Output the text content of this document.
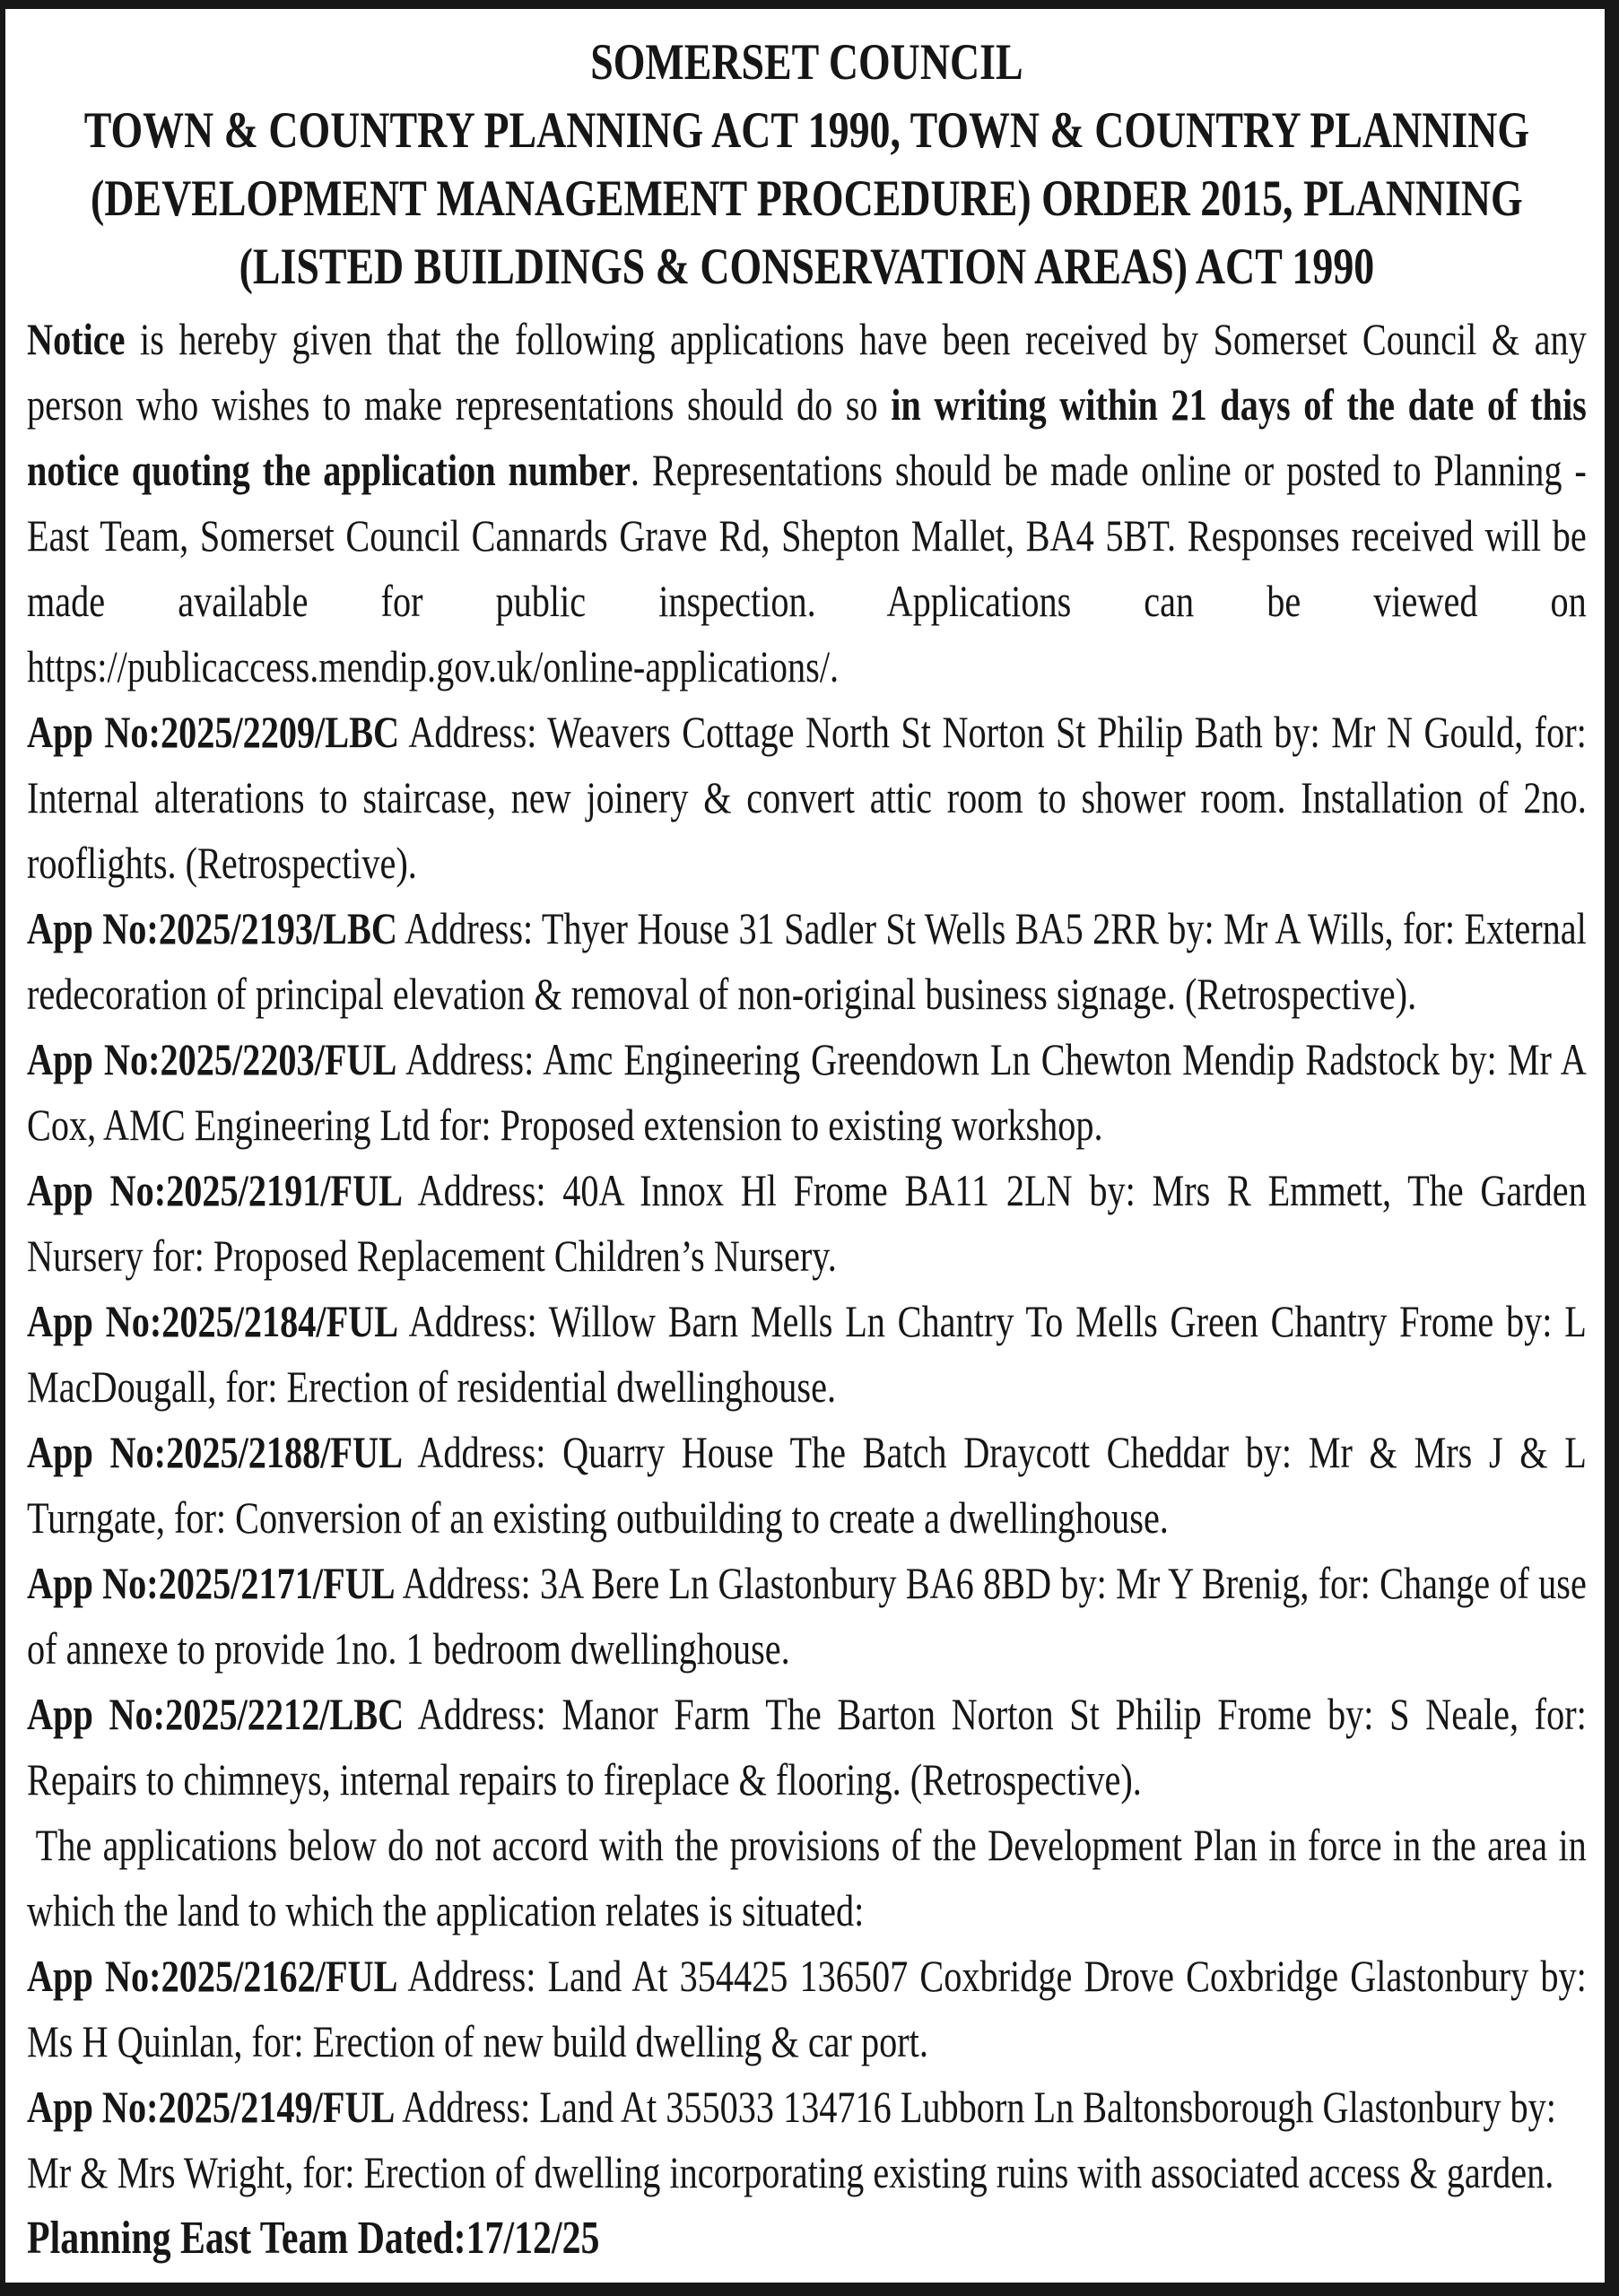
SOMERSET COUNCIL
TOWN & COUNTRY PLANNING ACT 1990, TOWN & COUNTRY PLANNING
(DEVELOPMENT MANAGEMENT PROCEDURE) ORDER 2015, PLANNING
(LISTED BUILDINGS & CONSERVATION AREAS) ACT 1990

Notice is hereby given that the following applications have been received by Somerset Council & any person who wishes to make representations should do so in writing within 21 days of the date of this notice quoting the application number. Representations should be made online or posted to Planning - East Team, Somerset Council Cannards Grave Rd, Shepton Mallet, BA4 5BT. Responses received will be made available for public inspection. Applications can be viewed on https://publicaccess.mendip.gov.uk/online-applications/.

App No:2025/2209/LBC Address: Weavers Cottage North St Norton St Philip Bath by: Mr N Gould, for: Internal alterations to staircase, new joinery & convert attic room to shower room. Installation of 2no. rooflights. (Retrospective).

App No:2025/2193/LBC Address: Thyer House 31 Sadler St Wells BA5 2RR by: Mr A Wills, for: External redecoration of principal elevation & removal of non-original business signage. (Retrospective).

App No:2025/2203/FUL Address: Amc Engineering Greendown Ln Chewton Mendip Radstock by: Mr A Cox, AMC Engineering Ltd for: Proposed extension to existing workshop.

App No:2025/2191/FUL Address: 40A Innox Hl Frome BA11 2LN by: Mrs R Emmett, The Garden Nursery for: Proposed Replacement Children’s Nursery.

App No:2025/2184/FUL Address: Willow Barn Mells Ln Chantry To Mells Green Chantry Frome by: L MacDougall, for: Erection of residential dwellinghouse.

App No:2025/2188/FUL Address: Quarry House The Batch Draycott Cheddar by: Mr & Mrs J & L Turngate, for: Conversion of an existing outbuilding to create a dwellinghouse.

App No:2025/2171/FUL Address: 3A Bere Ln Glastonbury BA6 8BD by: Mr Y Brenig, for: Change of use of annexe to provide 1no. 1 bedroom dwellinghouse.

App No:2025/2212/LBC Address: Manor Farm The Barton Norton St Philip Frome by: S Neale, for: Repairs to chimneys, internal repairs to fireplace & flooring. (Retrospective).

The applications below do not accord with the provisions of the Development Plan in force in the area in which the land to which the application relates is situated:

App No:2025/2162/FUL Address: Land At 354425 136507 Coxbridge Drove Coxbridge Glastonbury by: Ms H Quinlan, for: Erection of new build dwelling & car port.

App No:2025/2149/FUL Address: Land At 355033 134716 Lubborn Ln Baltonsborough Glastonbury by: Mr & Mrs Wright, for: Erection of dwelling incorporating existing ruins with associated access & garden.

Planning East Team Dated:17/12/25
